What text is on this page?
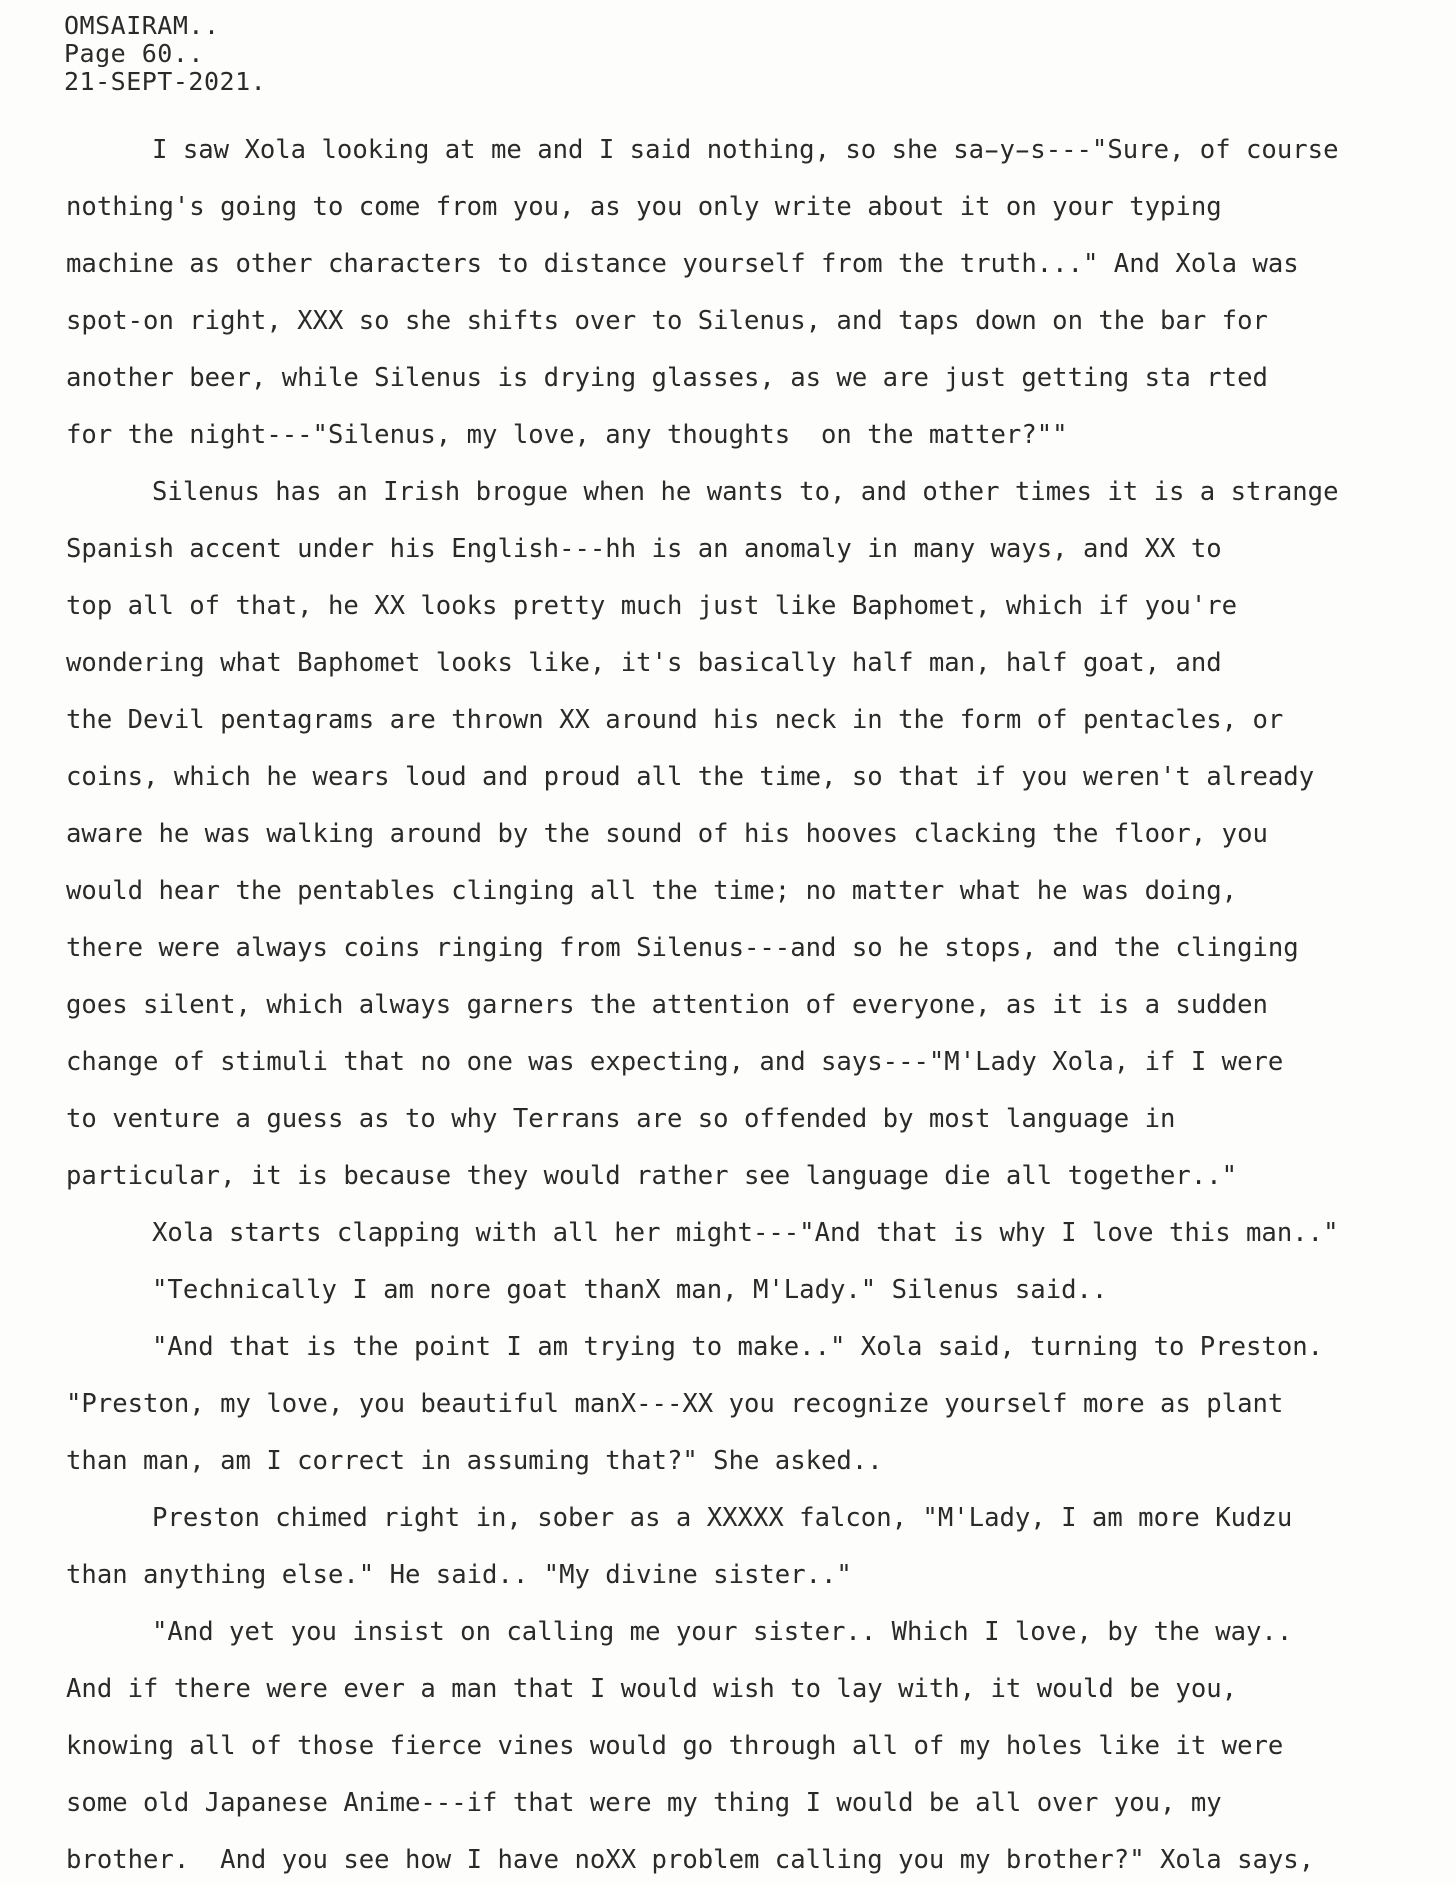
OMSAIRAM..
Page 60..
21-SEPT-2021.
I saw Xola looking at me and I said nothing, so she sa̵y̵s---"Sure, of course
nothing's going to come from you, as you only write about it on your typing
machine as other characters to distance yourself from the truth..." And Xola was
spot-on right, XXX so she shifts over to Silenus, and taps down on the bar for
another beer, while Silenus is drying glasses, as we are just getting sta rted
for the night---"Silenus, my love, any thoughts  on the matter?""
Silenus has an Irish brogue when he wants to, and other times it is a strange
Spanish accent under his English---hh is an anomaly in many ways, and XX to
top all of that, he XX looks pretty much just like Baphomet, which if you're
wondering what Baphomet looks like, it's basically half man, half goat, and
the Devil pentagrams are thrown XX around his neck in the form of pentacles, or
coins, which he wears loud and proud all the time, so that if you weren't already
aware he was walking around by the sound of his hooves clacking the floor, you
would hear the pentables clinging all the time; no matter what he was doing,
there were always coins ringing from Silenus---and so he stops, and the clinging
goes silent, which always garners the attention of everyone, as it is a sudden
change of stimuli that no one was expecting, and says---"M'Lady Xola, if I were
to venture a guess as to why Terrans are so offended by most language in
particular, it is because they would rather see language die all together.."
Xola starts clapping with all her might---"And that is why I love this man.."
"Technically I am nore goat thanX man, M'Lady." Silenus said..
"And that is the point I am trying to make.." Xola said, turning to Preston.
"Preston, my love, you beautiful manX---XX you recognize yourself more as plant
than man, am I correct in assuming that?" She asked..
Preston chimed right in, sober as a XXXXX falcon, "M'Lady, I am more Kudzu
than anything else." He said.. "My divine sister.."
"And yet you insist on calling me your sister.. Which I love, by the way..
And if there were ever a man that I would wish to lay with, it would be you,
knowing all of those fierce vines would go through all of my holes like it were
some old Japanese Anime---if that were my thing I would be all over you, my
brother.  And you see how I have noXX problem calling you my brother?" Xola says,
